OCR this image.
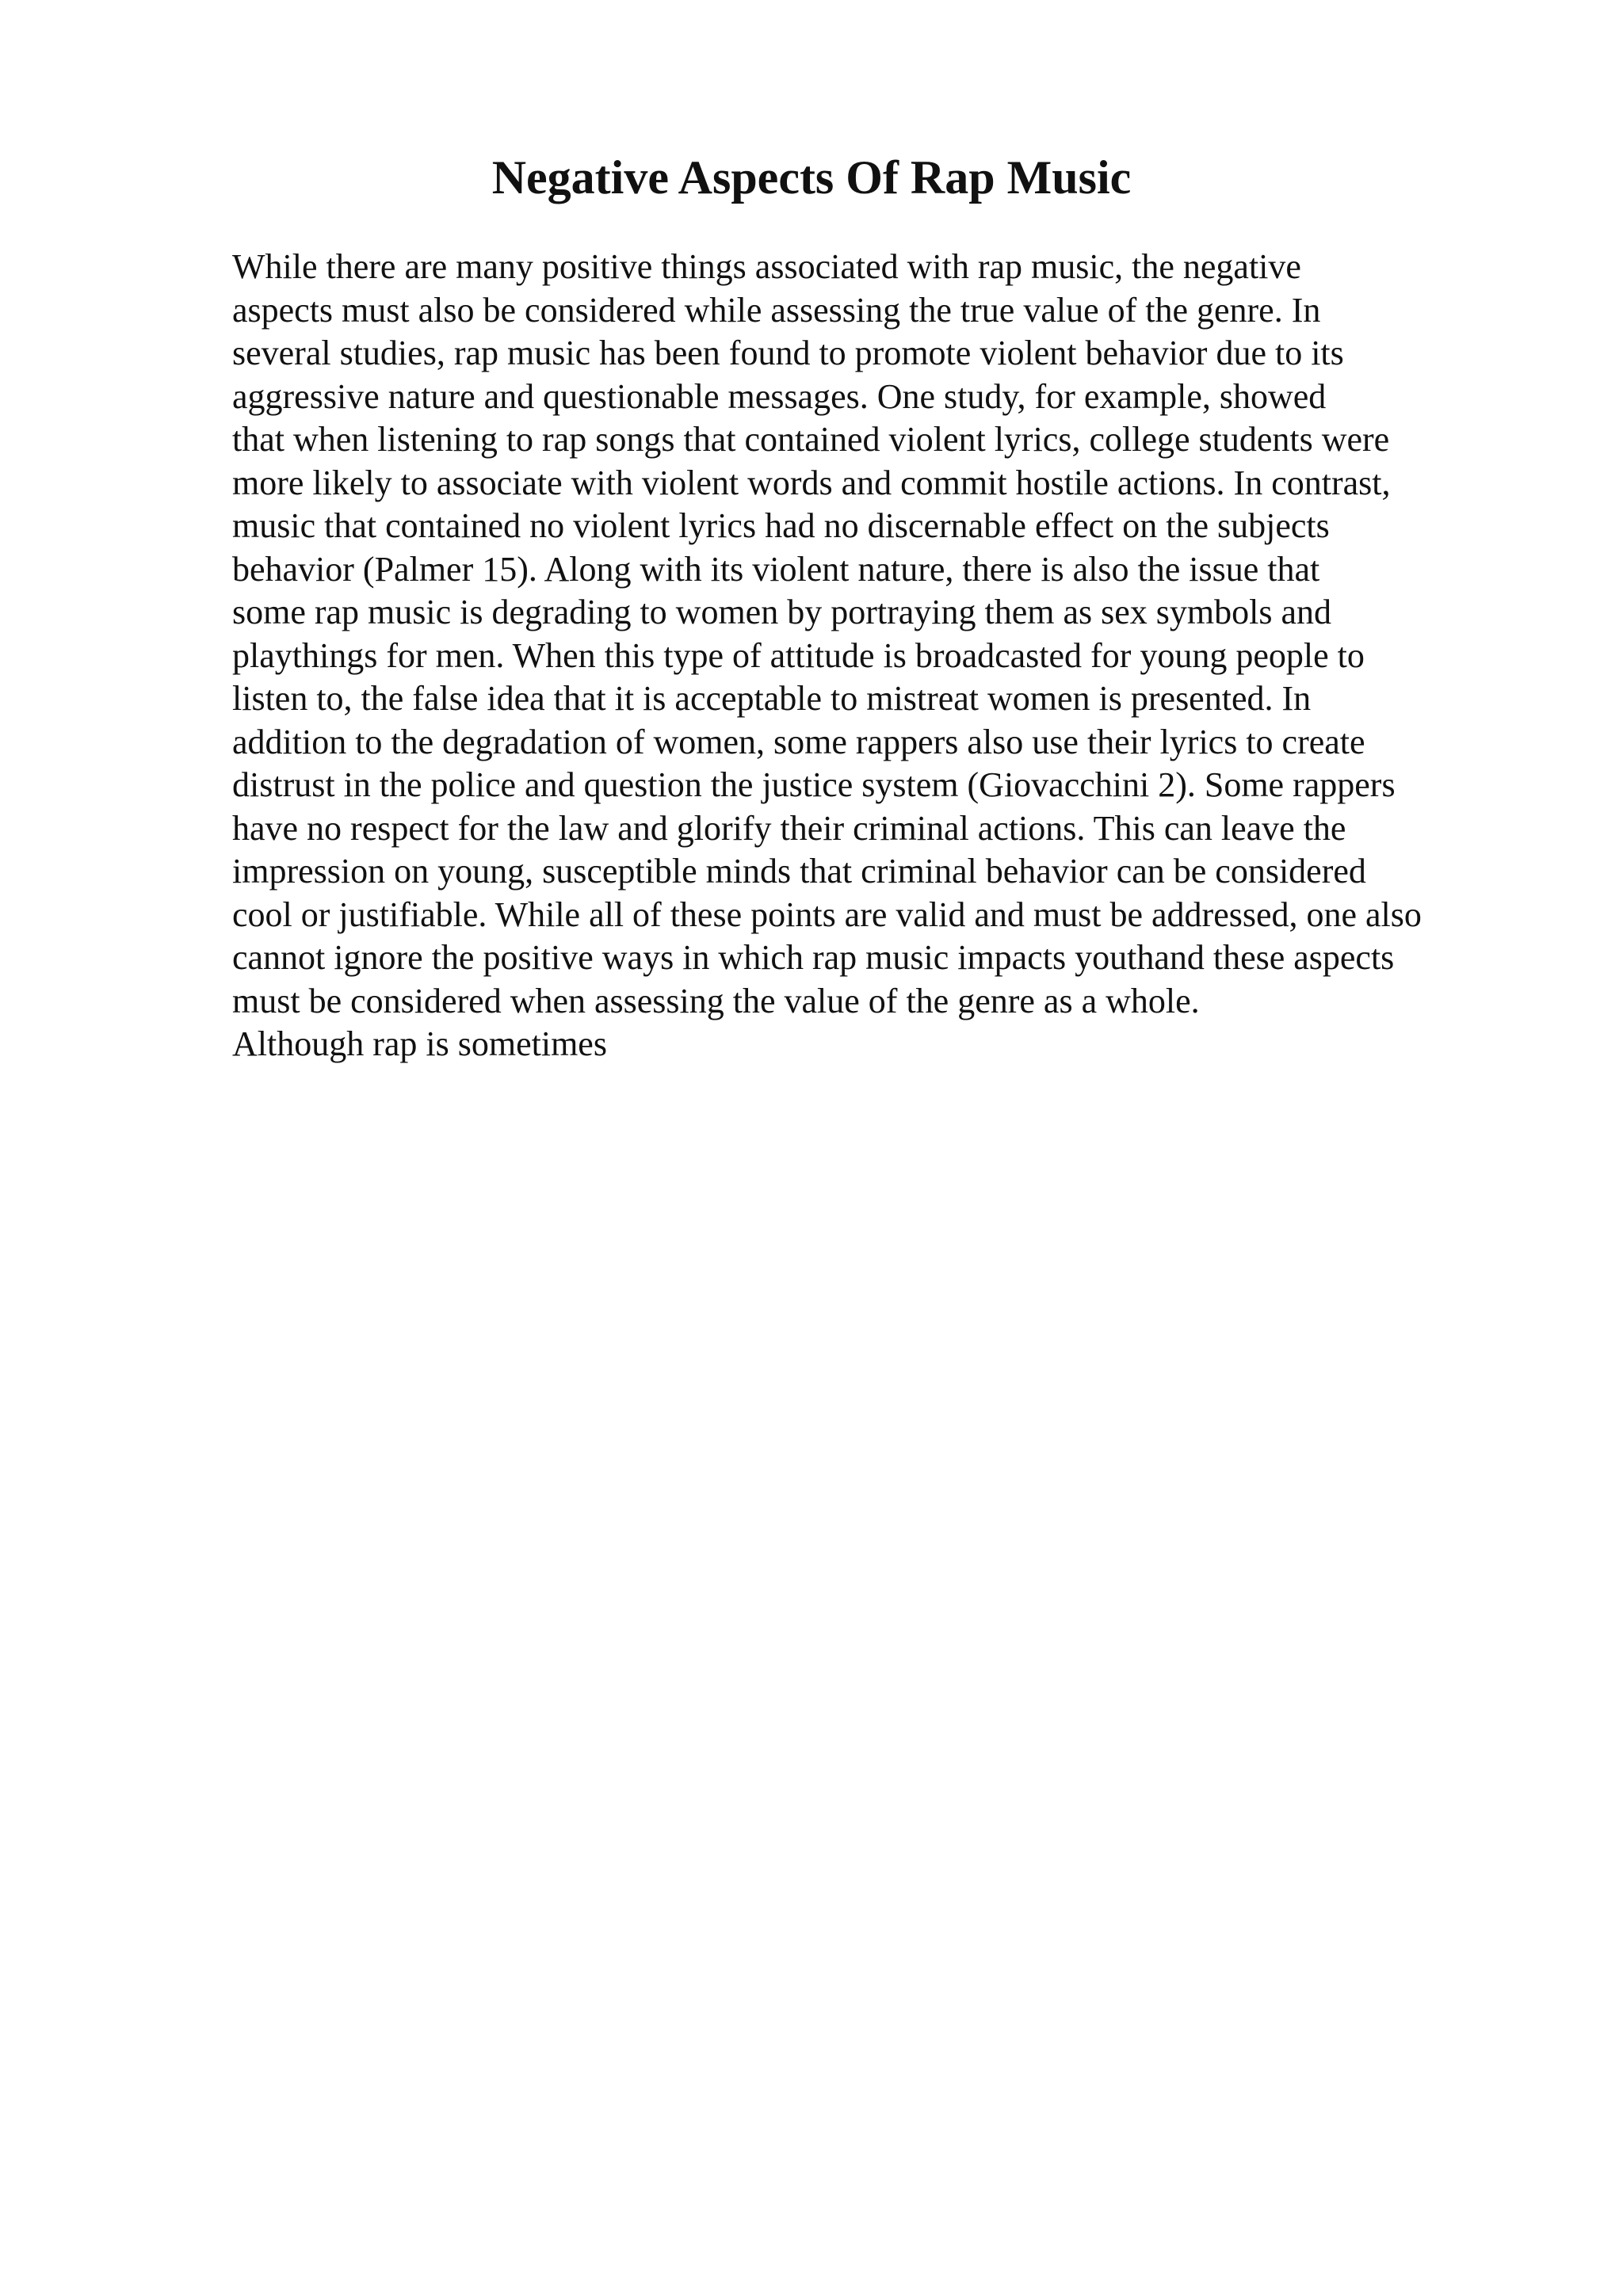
Negative Aspects Of Rap Music
While there are many positive things associated with rap music, the negative
aspects must also be considered while assessing the true value of the genre. In
several studies, rap music has been found to promote violent behavior due to its
aggressive nature and questionable messages. One study, for example, showed
that when listening to rap songs that contained violent lyrics, college students were
more likely to associate with violent words and commit hostile actions. In contrast,
music that contained no violent lyrics had no discernable effect on the subjects
behavior (Palmer 15). Along with its violent nature, there is also the issue that
some rap music is degrading to women by portraying them as sex symbols and
playthings for men. When this type of attitude is broadcasted for young people to
listen to, the false idea that it is acceptable to mistreat women is presented. In
addition to the degradation of women, some rappers also use their lyrics to create
distrust in the police and question the justice system (Giovacchini 2). Some rappers
have no respect for the law and glorify their criminal actions. This can leave the
impression on young, susceptible minds that criminal behavior can be considered
cool or justifiable. While all of these points are valid and must be addressed, one also
cannot ignore the positive ways in which rap music impacts youthand these aspects
must be considered when assessing the value of the genre as a whole.
Although rap is sometimes
